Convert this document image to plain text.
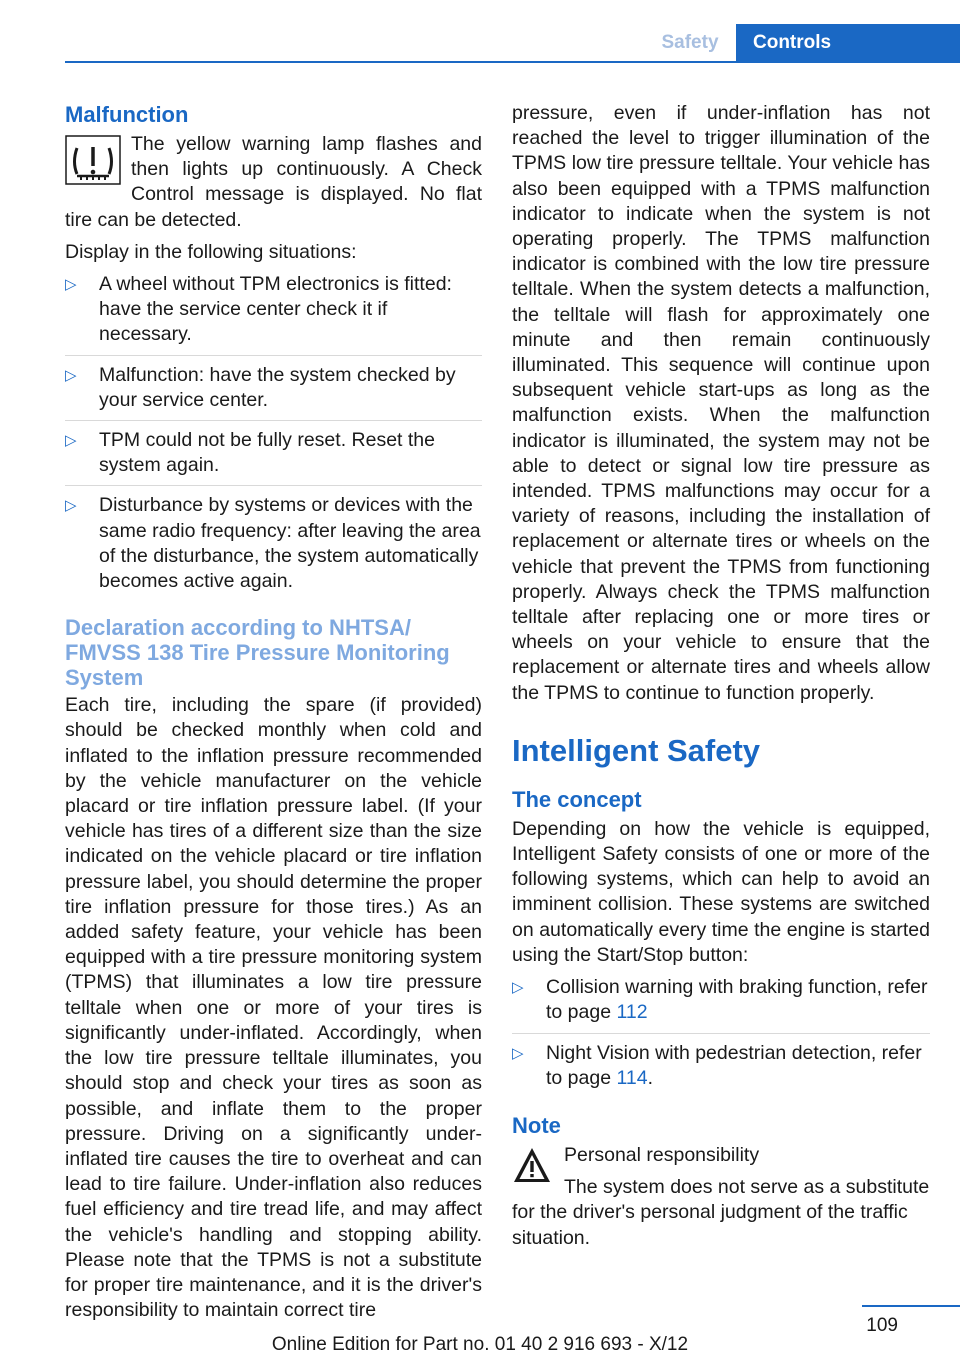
Safety	Controls
Malfunction

The yellow warning lamp flashes and then lights up continuously. A Check Control message is displayed. No flat tire can be detected.

Display in the following situations:

▷ A wheel without TPM electronics is fitted: have the service center check it if necessary.
▷ Malfunction: have the system checked by your service center.
▷ TPM could not be fully reset. Reset the system again.
▷ Disturbance by systems or devices with the same radio frequency: after leaving the area of the disturbance, the system automatically becomes active again.
Declaration according to NHTSA/ FMVSS 138 Tire Pressure Monitoring System

Each tire, including the spare (if provided) should be checked monthly when cold and inflated to the inflation pressure recommended by the vehicle manufacturer on the vehicle placard or tire inflation pressure label. (If your vehicle has tires of a different size than the size indicated on the vehicle placard or tire inflation pressure label, you should determine the proper tire inflation pressure for those tires.) As an added safety feature, your vehicle has been equipped with a tire pressure monitoring system (TPMS) that illuminates a low tire pressure telltale when one or more of your tires is significantly under-inflated. Accordingly, when the low tire pressure telltale illuminates, you should stop and check your tires as soon as possible, and inflate them to the proper pressure. Driving on a significantly under-inflated tire causes the tire to overheat and can lead to tire failure. Under-inflation also reduces fuel efficiency and tire tread life, and may affect the vehicle's handling and stopping ability. Please note that the TPMS is not a substitute for proper tire maintenance, and it is the driver's responsibility to maintain correct tire

pressure, even if under-inflation has not reached the level to trigger illumination of the TPMS low tire pressure telltale. Your vehicle has also been equipped with a TPMS malfunction indicator to indicate when the system is not operating properly. The TPMS malfunction indicator is combined with the low tire pressure telltale. When the system detects a malfunction, the telltale will flash for approximately one minute and then remain continuously illuminated. This sequence will continue upon subsequent vehicle start-ups as long as the malfunction exists. When the malfunction indicator is illuminated, the system may not be able to detect or signal low tire pressure as intended. TPMS malfunctions may occur for a variety of reasons, including the installation of replacement or alternate tires or wheels on the vehicle that prevent the TPMS from functioning properly. Always check the TPMS malfunction telltale after replacing one or more tires or wheels on your vehicle to ensure that the replacement or alternate tires and wheels allow the TPMS to continue to function properly.

Intelligent Safety
The concept

Depending on how the vehicle is equipped, Intelligent Safety consists of one or more of the following systems, which can help to avoid an imminent collision. These systems are switched on automatically every time the engine is started using the Start/Stop button:

▷ Collision warning with braking function, refer to page 112
▷ Night Vision with pedestrian detection, refer to page 114.
Note

Personal responsibility

The system does not serve as a substitute for the driver's personal judgment of the traffic situation.

109
Online Edition for Part no. 01 40 2 916 693 - X/12
